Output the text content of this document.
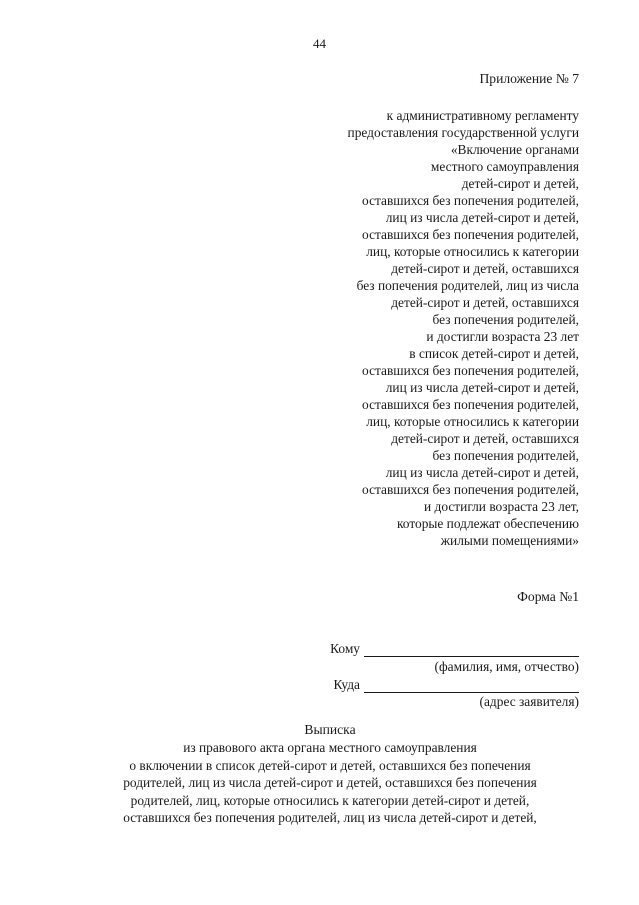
44
Приложение № 7
к административному регламенту
предоставления государственной услуги
«Включение органами
местного самоуправления
детей-сирот и детей,
оставшихся без попечения родителей,
лиц из числа детей-сирот и детей,
оставшихся без попечения родителей,
лиц, которые относились к категории
детей-сирот и детей, оставшихся
без попечения родителей, лиц из числа
детей-сирот и детей, оставшихся
без попечения родителей,
и достигли возраста 23 лет
в список детей-сирот и детей,
оставшихся без попечения родителей,
лиц из числа детей-сирот и детей,
оставшихся без попечения родителей,
лиц, которые относились к категории
детей-сирот и детей, оставшихся
без попечения родителей,
лиц из числа детей-сирот и детей,
оставшихся без попечения родителей,
и достигли возраста 23 лет,
которые подлежат обеспечению
жилыми помещениями»
Форма №1
Кому
(фамилия, имя, отчество)
Куда
(адрес заявителя)
Выписка
из правового акта органа местного самоуправления
о включении в список детей-сирот и детей, оставшихся без попечения
родителей, лиц из числа детей-сирот и детей, оставшихся без попечения
родителей, лиц, которые относились к категории детей-сирот и детей,
оставшихся без попечения родителей, лиц из числа детей-сирот и детей,
